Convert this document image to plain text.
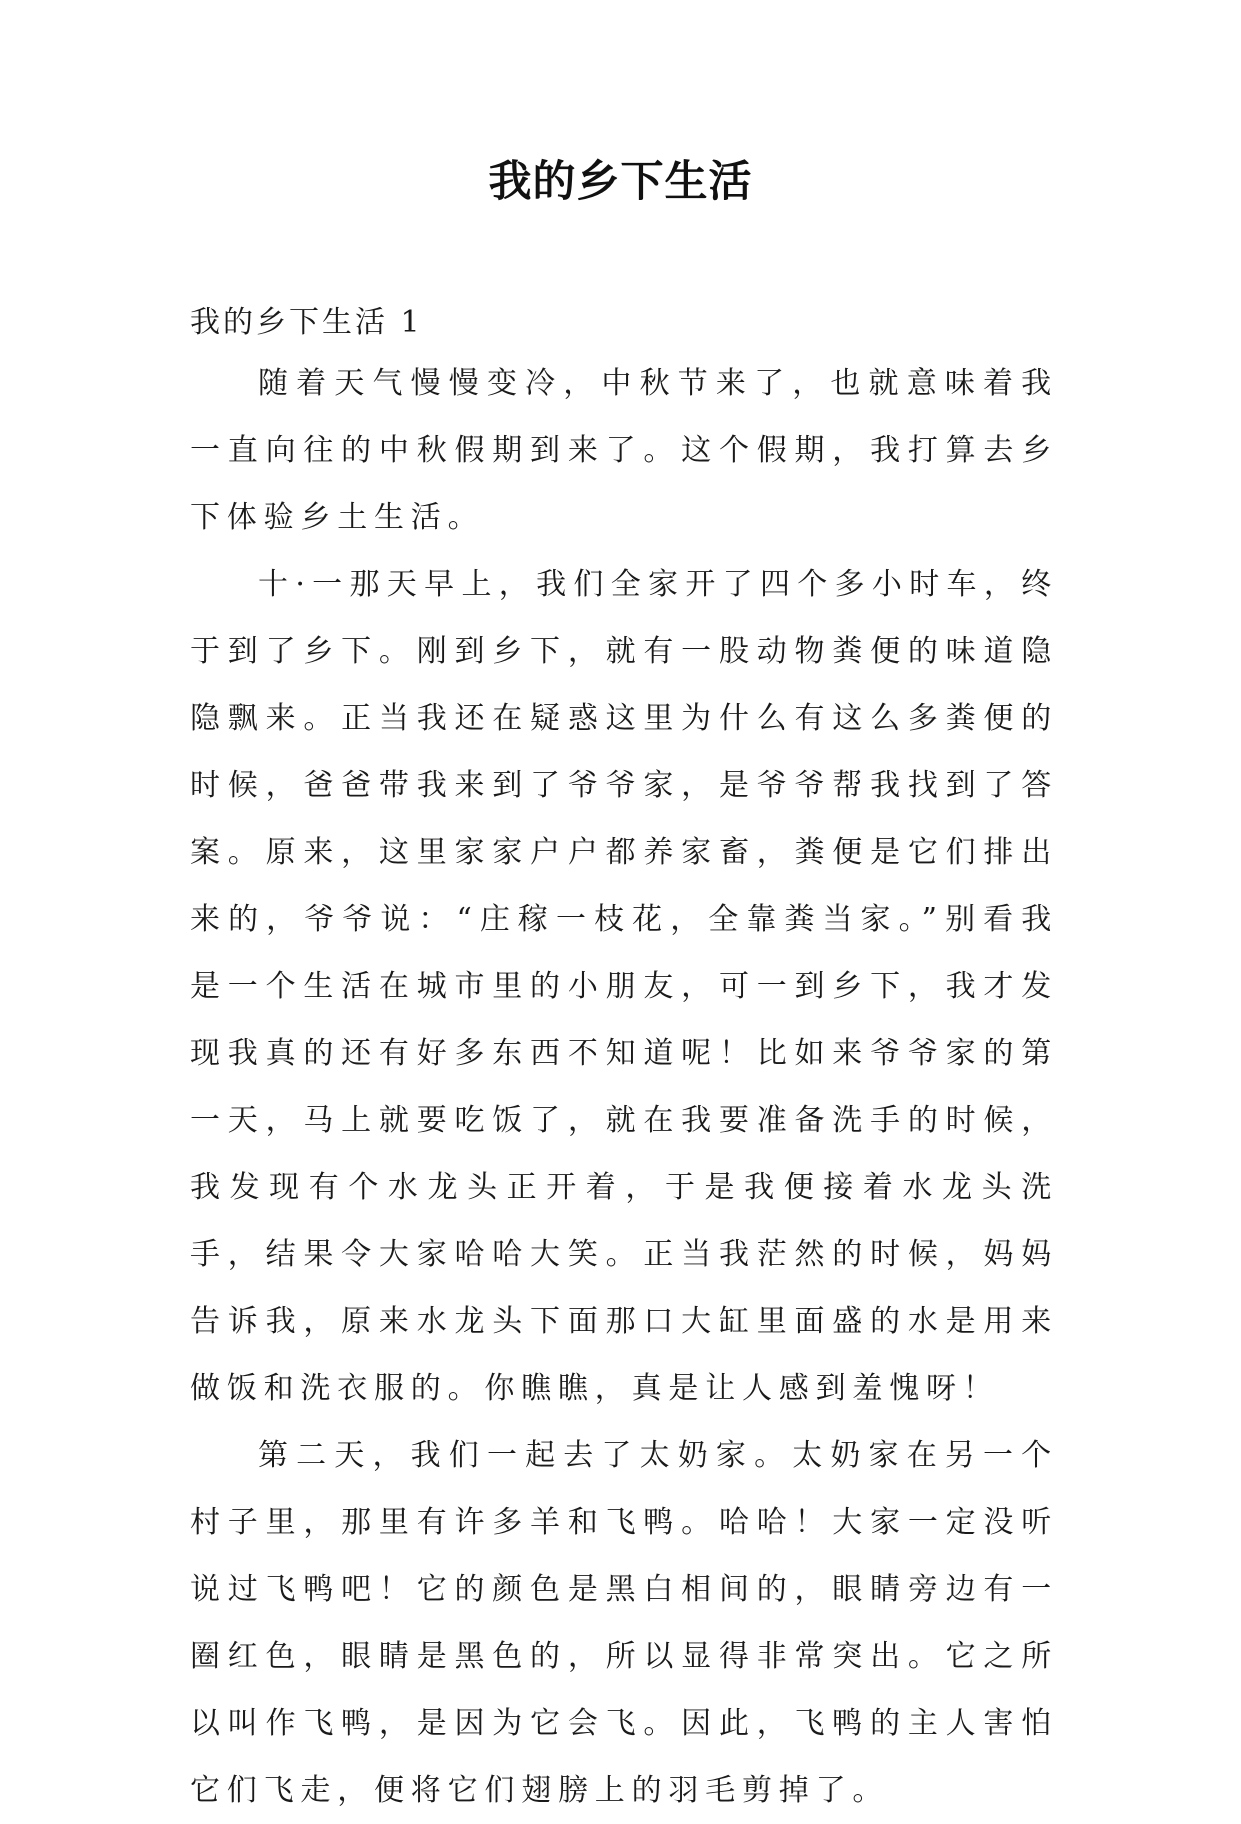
我的乡下生活

我的乡下生活 1

随着天气慢慢变冷，中秋节来了，也就意味着我一直向往的中秋假期到来了。这个假期，我打算去乡下体验乡土生活。

十·一那天早上，我们全家开了四个多小时车，终于到了乡下。刚到乡下，就有一股动物粪便的味道隐隐飘来。正当我还在疑惑这里为什么有这么多粪便的时候，爸爸带我来到了爷爷家，是爷爷帮我找到了答案。原来，这里家家户户都养家畜，粪便是它们排出来的，爷爷说：“庄稼一枝花，全靠粪当家。”别看我是一个生活在城市里的小朋友，可一到乡下，我才发现我真的还有好多东西不知道呢！比如来爷爷家的第一天，马上就要吃饭了，就在我要准备洗手的时候，我发现有个水龙头正开着，于是我便接着水龙头洗手，结果令大家哈哈大笑。正当我茫然的时候，妈妈告诉我，原来水龙头下面那口大缸里面盛的水是用来做饭和洗衣服的。你瞧瞧，真是让人感到羞愧呀！

第二天，我们一起去了太奶家。太奶家在另一个村子里，那里有许多羊和飞鸭。哈哈！大家一定没听说过飞鸭吧！它的颜色是黑白相间的，眼睛旁边有一圈红色，眼睛是黑色的，所以显得非常突出。它之所以叫作飞鸭，是因为它会飞。因此，飞鸭的主人害怕它们飞走，便将它们翅膀上的羽毛剪掉了。
